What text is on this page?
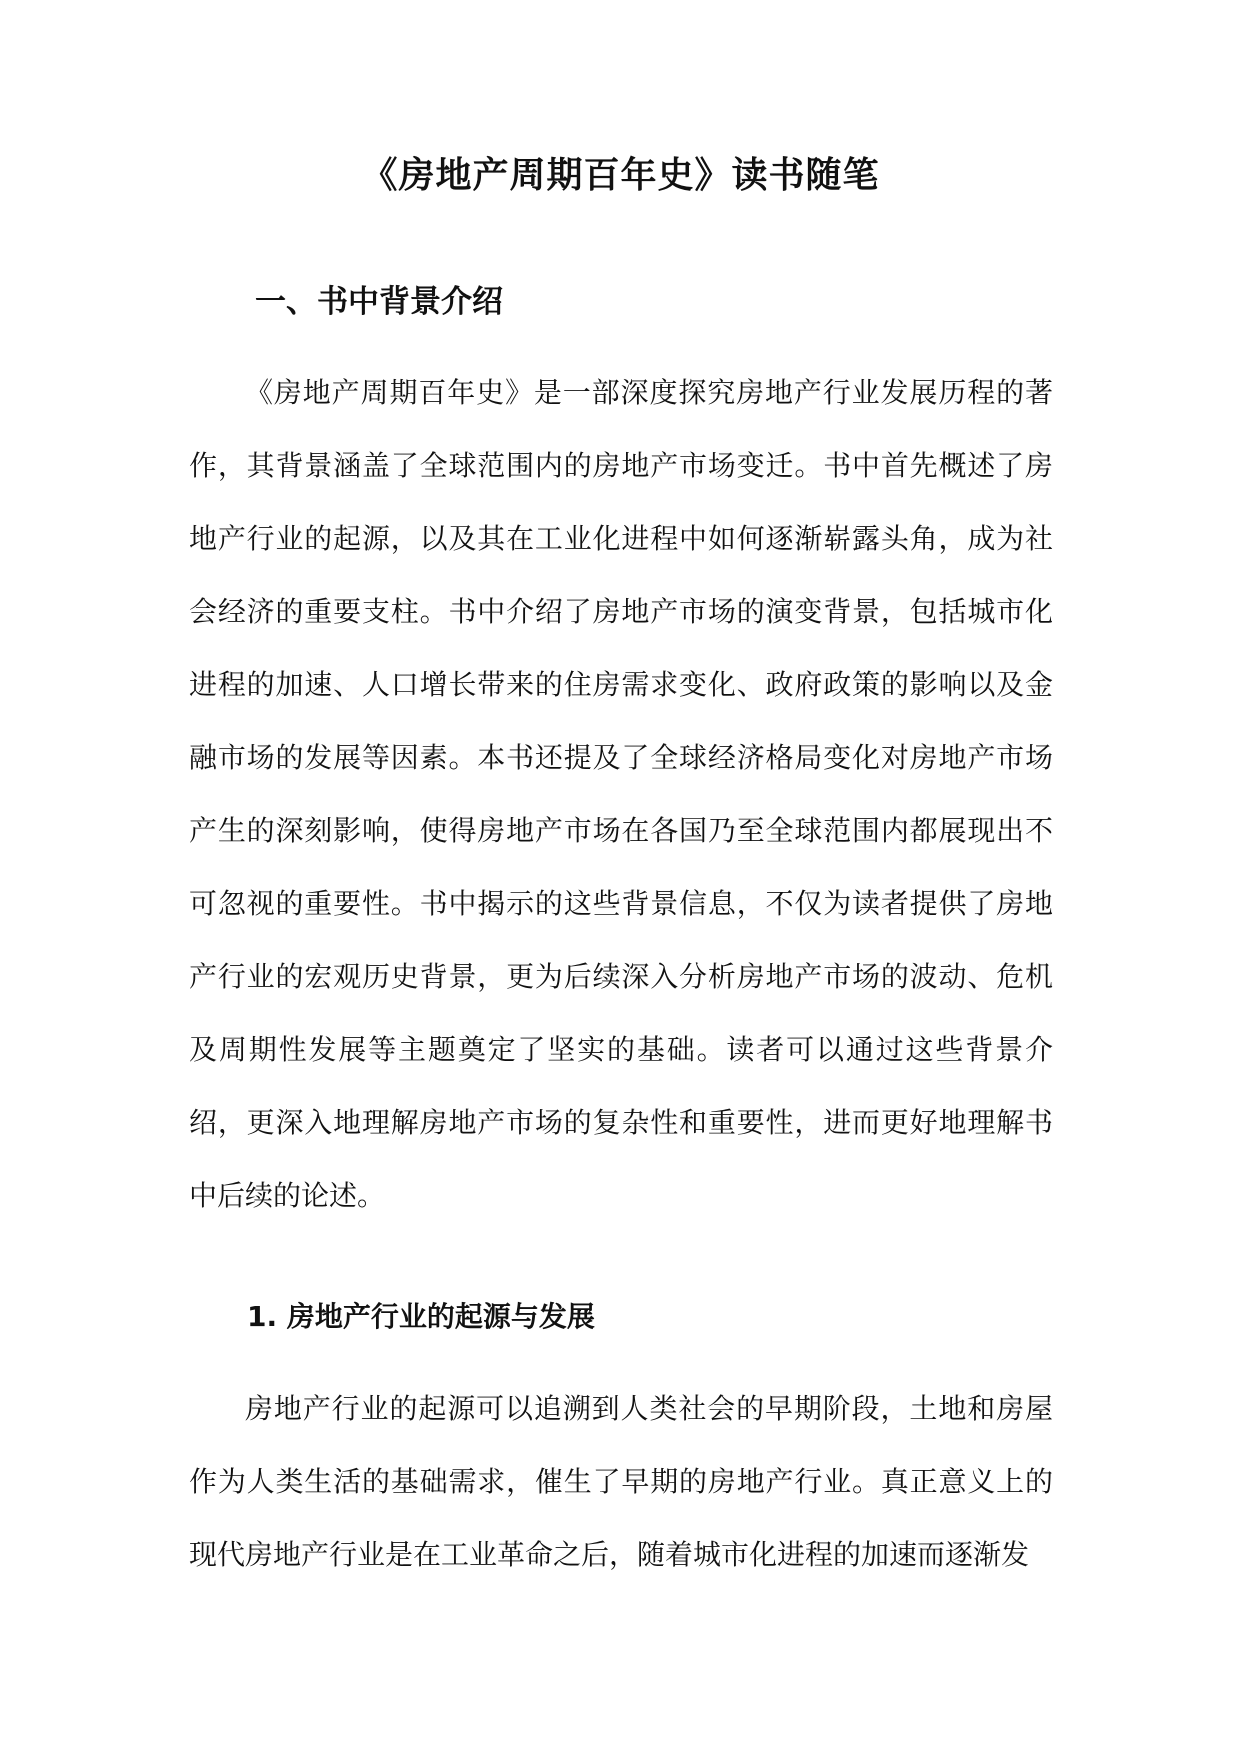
《房地产周期百年史》读书随笔
一、书中背景介绍

《房地产周期百年史》是一部深度探究房地产行业发展历程的著作，其背景涵盖了全球范围内的房地产市场变迁。书中首先概述了房地产行业的起源，以及其在工业化进程中如何逐渐崭露头角，成为社会经济的重要支柱。书中介绍了房地产市场的演变背景，包括城市化进程的加速、人口增长带来的住房需求变化、政府政策的影响以及金融市场的发展等因素。本书还提及了全球经济格局变化对房地产市场产生的深刻影响，使得房地产市场在各国乃至全球范围内都展现出不可忽视的重要性。书中揭示的这些背景信息，不仅为读者提供了房地产行业的宏观历史背景，更为后续深入分析房地产市场的波动、危机及周期性发展等主题奠定了坚实的基础。读者可以通过这些背景介绍，更深入地理解房地产市场的复杂性和重要性，进而更好地理解书中后续的论述。

1. 房地产行业的起源与发展

房地产行业的起源可以追溯到人类社会的早期阶段，土地和房屋作为人类生活的基础需求，催生了早期的房地产行业。真正意义上的现代房地产行业是在工业革命之后，随着城市化进程的加速而逐渐发
